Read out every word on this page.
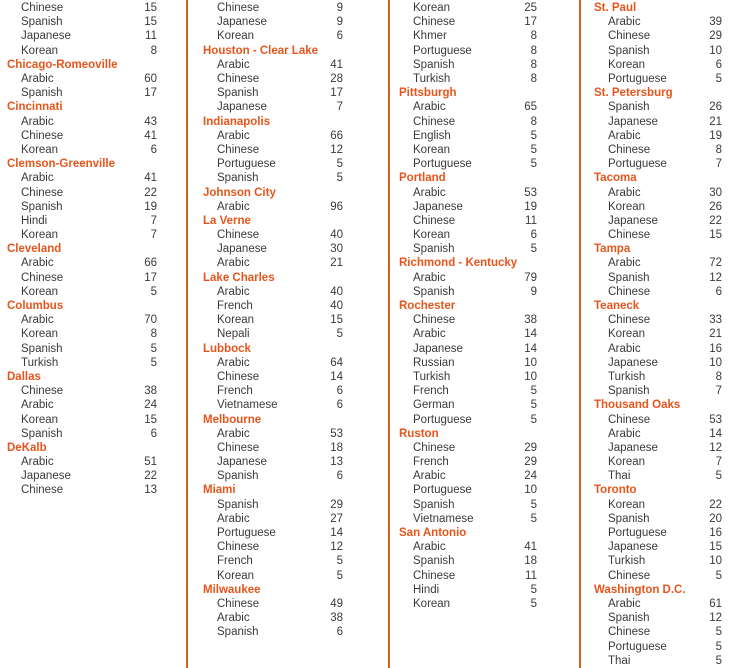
Chinese	15
Spanish	15
Japanese	11
Korean	8
Chicago-Romeoville
Arabic	60
Spanish	17
Cincinnati
Arabic	43
Chinese	41
Korean	6
Clemson-Greenville
Arabic	41
Chinese	22
Spanish	19
Hindi	7
Korean	7
Cleveland
Arabic	66
Chinese	17
Korean	5
Columbus
Arabic	70
Korean	8
Spanish	5
Turkish	5
Dallas
Chinese	38
Arabic	24
Korean	15
Spanish	6
DeKalb
Arabic	51
Japanese	22
Chinese	13
Chinese	9
Japanese	9
Korean	6
Houston - Clear Lake
Arabic	41
Chinese	28
Spanish	17
Japanese	7
Indianapolis
Arabic	66
Chinese	12
Portuguese	5
Spanish	5
Johnson City
Arabic	96
La Verne
Chinese	40
Japanese	30
Arabic	21
Lake Charles
Arabic	40
French	40
Korean	15
Nepali	5
Lubbock
Arabic	64
Chinese	14
French	6
Vietnamese	6
Melbourne
Arabic	53
Chinese	18
Japanese	13
Spanish	6
Miami
Spanish	29
Arabic	27
Portuguese	14
Chinese	12
French	5
Korean	5
Milwaukee
Chinese	49
Arabic	38
Spanish	6
Korean	25
Chinese	17
Khmer	8
Portuguese	8
Spanish	8
Turkish	8
Pittsburgh
Arabic	65
Chinese	8
English	5
Korean	5
Portuguese	5
Portland
Arabic	53
Japanese	19
Chinese	11
Korean	6
Spanish	5
Richmond - Kentucky
Arabic	79
Spanish	9
Rochester
Chinese	38
Arabic	14
Japanese	14
Russian	10
Turkish	10
French	5
German	5
Portuguese	5
Ruston
Chinese	29
French	29
Arabic	24
Portuguese	10
Spanish	5
Vietnamese	5
San Antonio
Arabic	41
Spanish	18
Chinese	11
Hindi	5
Korean	5
St. Paul
Arabic	39
Chinese	29
Spanish	10
Korean	6
Portuguese	5
St. Petersburg
Spanish	26
Japanese	21
Arabic	19
Chinese	8
Portuguese	7
Tacoma
Arabic	30
Korean	26
Japanese	22
Chinese	15
Tampa
Arabic	72
Spanish	12
Chinese	6
Teaneck
Chinese	33
Korean	21
Arabic	16
Japanese	10
Turkish	8
Spanish	7
Thousand Oaks
Chinese	53
Arabic	14
Japanese	12
Korean	7
Thai	5
Toronto
Korean	22
Spanish	20
Portuguese	16
Japanese	15
Turkish	10
Chinese	5
Washington D.C.
Arabic	61
Spanish	12
Chinese	5
Portuguese	5
Thai	5
